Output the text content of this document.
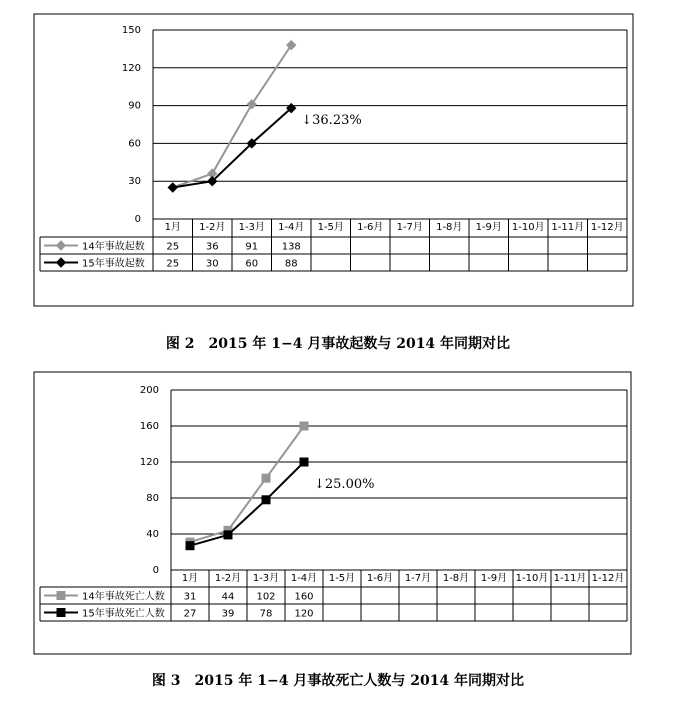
0
30
60
90
120
150
1月 1-2月 1-3月 1-4月 1-5月 1-6月 1-7月 1-8月 1-9月 1-10月 1-11月 1-12月
14年事故起数 25	36	91 138
15年事故起数 25	30	60	88
↓36.23%
图 2　2015 年 1−4 月事故起数与 2014 年同期对比
0
40
80
120
160
200
1月 1-2月 1-3月 1-4月 1-5月 1-6月 1-7月 1-8月 1-9月 1-10月 1-11月 1-12月
14年事故死亡人数 31	44 102 160
15年事故死亡人数 27	39	78 120
↓25.00%
图 3　2015 年 1−4 月事故死亡人数与 2014 年同期对比
